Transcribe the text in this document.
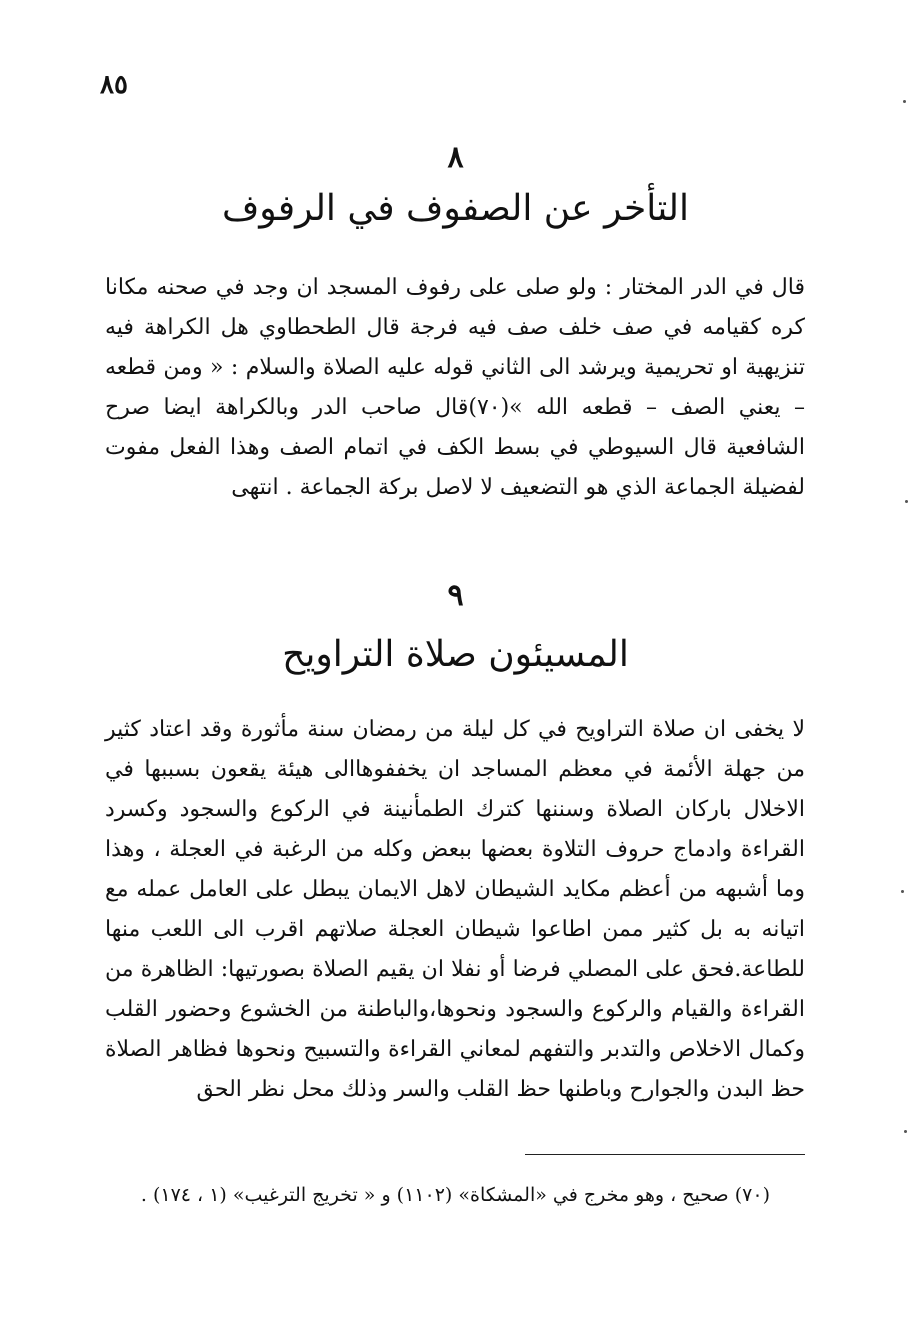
٨٥
٨
التأخر عن الصفوف في الرفوف
قال في الدر المختار : ولو صلى على رفوف المسجد ان وجد في صحنه مكانا كره كقيامه في صف خلف صف فيه فرجة قال الطحطاوي هل الكراهة فيه تنزيهية او تحريمية ويرشد الى الثاني قوله عليه الصلاة والسلام : « ومن قطعه – يعني الصف – قطعه الله »(٧٠)قال صاحب الدر وبالكراهة ايضا صرح الشافعية قال السيوطي في بسط الكف في اتمام الصف وهذا الفعل مفوت لفضيلة الجماعة الذي هو التضعيف لا لاصل بركة الجماعة . انتهى
٩
المسيئون صلاة التراويح
لا يخفى ان صلاة التراويح في كل ليلة من رمضان سنة مأثورة وقد اعتاد كثير من جهلة الأئمة في معظم المساجد ان يخففوهاالى هيئة يقعون بسببها في الاخلال باركان الصلاة وسننها كترك الطمأنينة في الركوع والسجود وكسرد القراءة وادماج حروف التلاوة بعضها ببعض وكله من الرغبة في العجلة ، وهذا وما أشبهه من أعظم مكايد الشيطان لاهل الايمان يبطل على العامل عمله مع اتيانه به بل كثير ممن اطاعوا شيطان العجلة صلاتهم اقرب الى اللعب منها للطاعة.فحق على المصلي فرضا أو نفلا ان يقيم الصلاة بصورتيها: الظاهرة من القراءة والقيام والركوع والسجود ونحوها،والباطنة من الخشوع وحضور القلب وكمال الاخلاص والتدبر والتفهم لمعاني القراءة والتسبيح ونحوها فظاهر الصلاة حظ البدن والجوارح وباطنها حظ القلب والسر وذلك محل نظر الحق
(٧٠) صحيح ، وهو مخرج في «المشكاة» (١١٠٢) و « تخريج الترغيب» (١ ، ١٧٤) .
